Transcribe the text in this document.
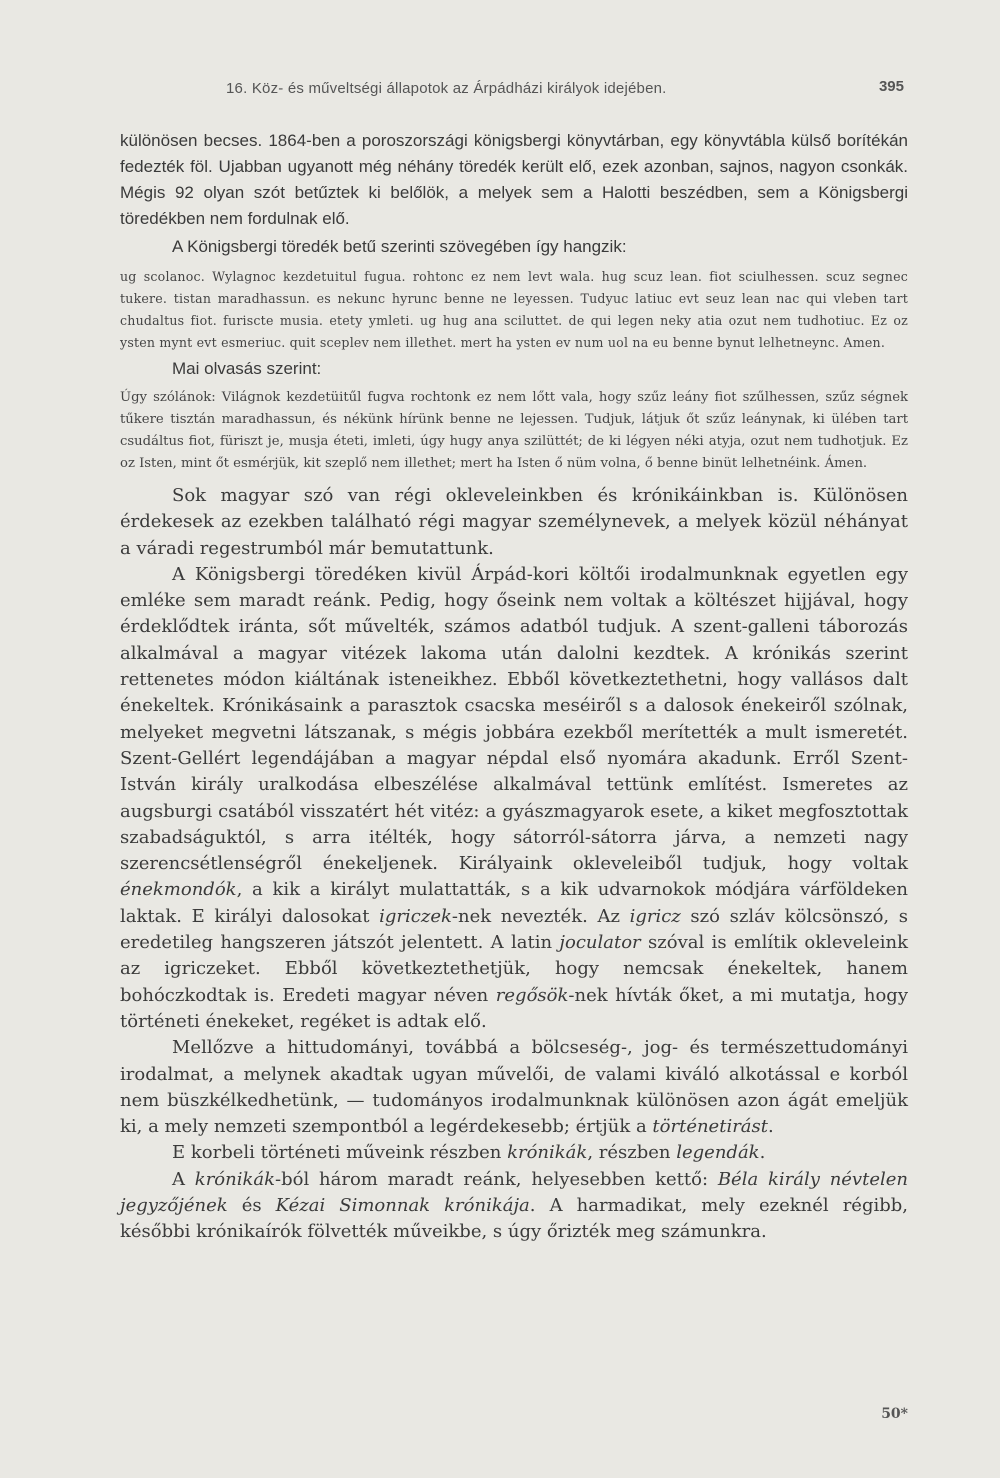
16. Köz- és műveltségi állapotok az Árpádházi királyok idejében.	395

különösen becses. 1864-ben a poroszországi königsbergi könyvtárban, egy könyvtábla külső borítékán fedezték föl. Ujabban ugyanott még néhány töredék került elő, ezek azonban, sajnos, nagyon csonkák. Mégis 92 olyan szót betűztek ki belőlök, a melyek sem a Halotti beszédben, sem a Königsbergi töredékben nem fordulnak elő.

A Königsbergi töredék betű szerinti szövegében így hangzik:

ug scolanoc. Wylagnoc kezdetuitul fugua. rohtonc ez nem levt wala. hug scuz lean. fiot sciulhessen. scuz segnec tukere. tistan maradhassun. es nekunc hyrunc benne ne leyessen. Tudyuc latiuc evt seuz lean nac qui vleben tart chudaltus fiot. furiscte musia. etety ymleti. ug hug ana sciluttet. de qui legen neky atia ozut nem tudhotiuc. Ez oz ysten mynt evt esmeriuc. quit sceplev nem illethet. mert ha ysten ev num uol na eu benne bynut lelhetneync. Amen.

Mai olvasás szerint:

Úgy szólánok: Világnok kezdetüitűl fugva rochtonk ez nem lőtt vala, hogy szűz leány fiot szűlhessen, szűz ségnek tűkere tisztán maradhassun, és nékünk hírünk benne ne lejessen. Tudjuk, látjuk őt szűz leánynak, ki ülében tart csudáltus fiot, füriszt je, musja éteti, imleti, úgy hugy anya szilüttét; de ki légyen néki atyja, ozut nem tudhotjuk. Ez oz Isten, mint őt esmérjük, kit szeplő nem illethet; mert ha Isten ő nüm volna, ő benne binüt lelhetnéink. Ámen.

Sok magyar szó van régi okleveleinkben és krónikáinkban is. Különösen érdekesek az ezekben található régi magyar személynevek, a melyek közül néhányat a váradi regestrumból már bemutattunk.

A Königsbergi töredéken kivül Árpád-kori költői irodalmunknak egyetlen egy emléke sem maradt reánk. Pedig, hogy őseink nem voltak a költészet hijjával, hogy érdeklődtek iránta, sőt művelték, számos adatból tudjuk. A szent-galleni táborozás alkalmával a magyar vitézek lakoma után dalolni kezdtek. A krónikás szerint rettenetes módon kiáltának isteneikhez. Ebből következtethetni, hogy vallásos dalt énekeltek. Krónikásaink a parasztok csacska meséiről s a dalosok énekeiről szólnak, melyeket megvetni látszanak, s mégis jobbára ezekből merítették a mult ismeretét. Szent-Gellért legendájában a magyar népdal első nyomára akadunk. Erről Szent-István király uralkodása elbeszélése alkalmával tettünk említést. Ismeretes az augsburgi csatából visszatért hét vitéz: a gyászmagyarok esete, a kiket megfosztottak szabadságuktól, s arra itélték, hogy sátorról-sátorra járva, a nemzeti nagy szerencsétlenségről énekeljenek. Királyaink okleveleiből tudjuk, hogy voltak énekmondók, a kik a királyt mulattatták, s a kik udvarnokok módjára várföldeken laktak. E királyi dalosokat igriczek-nek nevezték. Az igricz szó szláv kölcsönszó, s eredetileg hangszeren játszót jelentett. A latin joculator szóval is említik okleveleink az igriczeket. Ebből következtethetjük, hogy nemcsak énekeltek, hanem bohóczkodtak is. Eredeti magyar néven regősök-nek hívták őket, a mi mutatja, hogy történeti énekeket, regéket is adtak elő.

Mellőzve a hittudományi, továbbá a bölcseség-, jog- és természettudományi irodalmat, a melynek akadtak ugyan művelői, de valami kiváló alkotással e korból nem büszkélkedhetünk, — tudományos irodalmunknak különösen azon ágát emeljük ki, a mely nemzeti szempontból a legérdekesebb; értjük a történetirást.

E korbeli történeti műveink részben krónikák, részben legendák.

A krónikák-ból három maradt reánk, helyesebben kettő: Béla király névtelen jegyzőjének és Kézai Simonnak krónikája. A harmadikat, mely ezeknél régibb, későbbi krónikaírók fölvették műveikbe, s úgy őrizték meg számunkra.

50*
